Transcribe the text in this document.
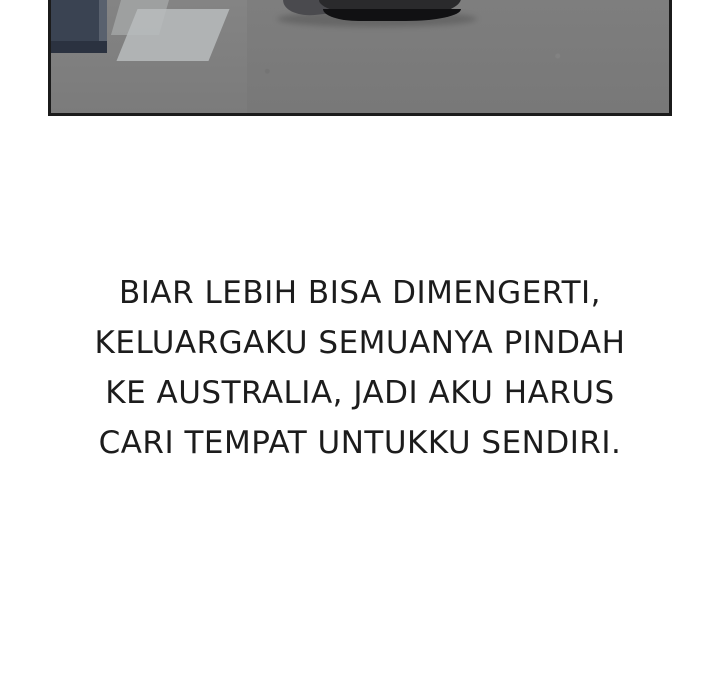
BIAR LEBIH BISA DIMENGERTI,
KELUARGAKU SEMUANYA PINDAH
KE AUSTRALIA, JADI AKU HARUS
CARI TEMPAT UNTUKKU SENDIRI.
